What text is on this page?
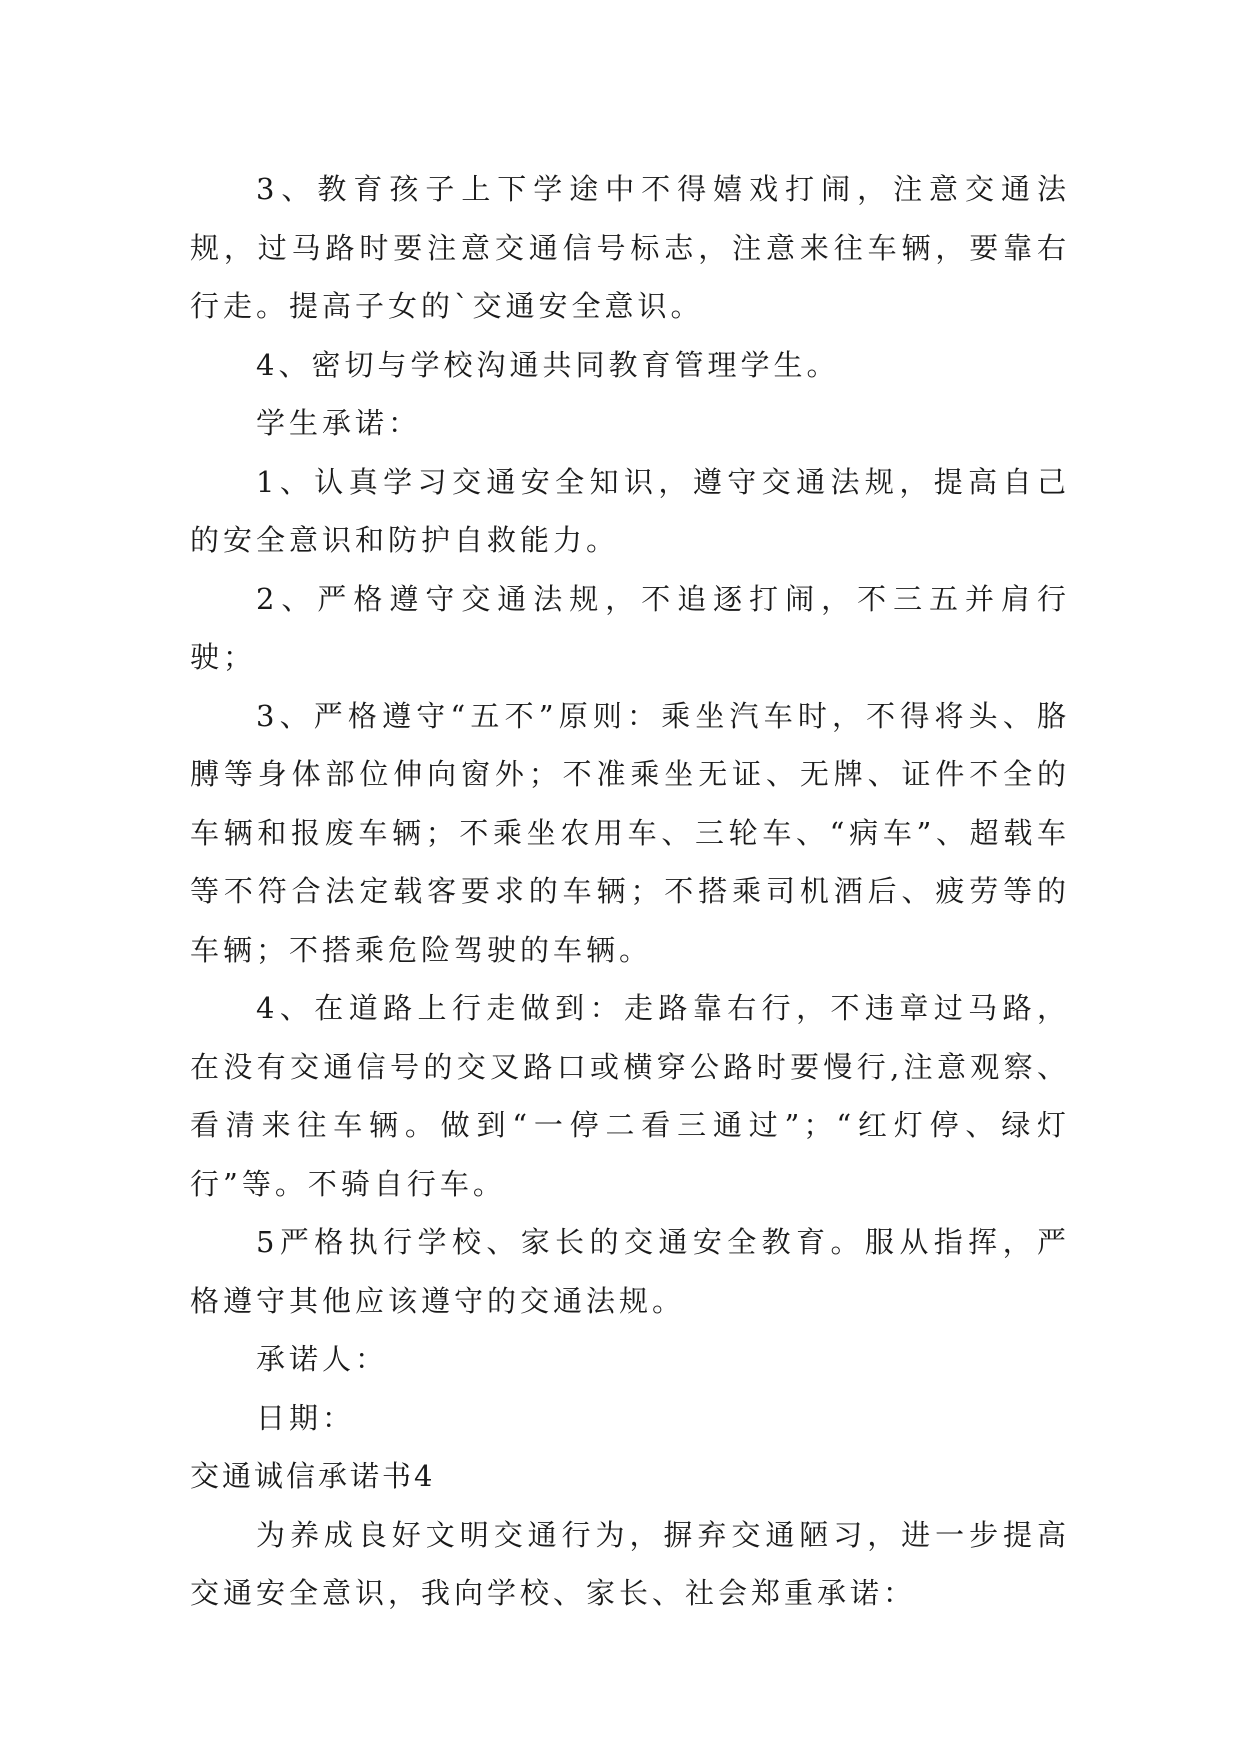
3、教育孩子上下学途中不得嬉戏打闹，注意交通法规，过马路时要注意交通信号标志，注意来往车辆，要靠右行走。提高子女的`交通安全意识。

4、密切与学校沟通共同教育管理学生。

学生承诺：

1、认真学习交通安全知识，遵守交通法规，提高自己的安全意识和防护自救能力。

2、严格遵守交通法规，不追逐打闹，不三五并肩行驶；

3、严格遵守“五不”原则：乘坐汽车时，不得将头、胳膊等身体部位伸向窗外；不准乘坐无证、无牌、证件不全的车辆和报废车辆；不乘坐农用车、三轮车、“病车”、超载车等不符合法定载客要求的车辆；不搭乘司机酒后、疲劳等的车辆；不搭乘危险驾驶的车辆。

4、在道路上行走做到：走路靠右行，不违章过马路，在没有交通信号的交叉路口或横穿公路时要慢行,注意观察、看清来往车辆。做到“一停二看三通过”；“红灯停、绿灯行”等。不骑自行车。

5严格执行学校、家长的交通安全教育。服从指挥，严格遵守其他应该遵守的交通法规。

承诺人：

日期：

交通诚信承诺书4

为养成良好文明交通行为，摒弃交通陋习，进一步提高交通安全意识，我向学校、家长、社会郑重承诺：
